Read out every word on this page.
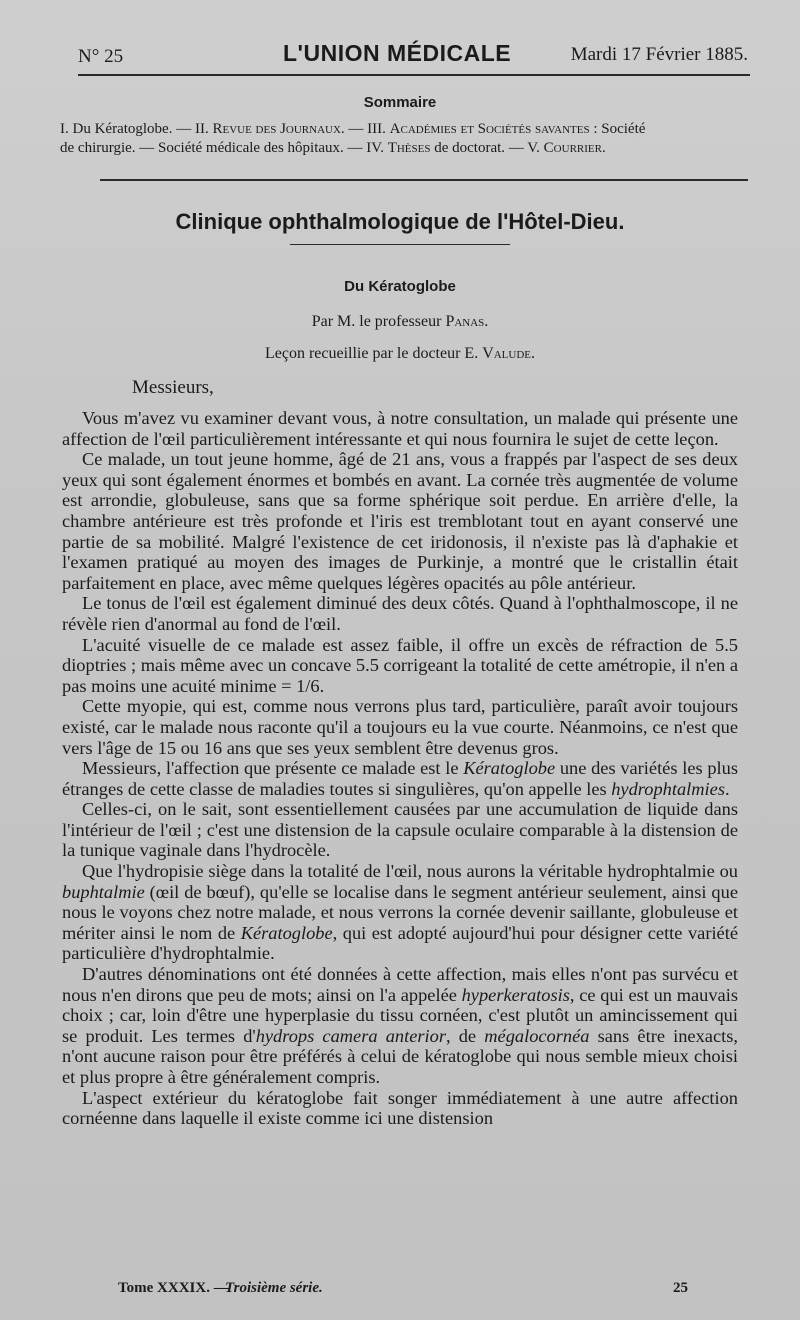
N° 25	L'UNION MÉDICALE	Mardi 17 Février 1885.
Sommaire
I. Du Kératoglobe. — II. Revue des Journaux. — III. Académies et Sociétés savantes : Société
de chirurgie. — Société médicale des hôpitaux. — IV. Thèses de doctorat. — V. Courrier.
Clinique ophthalmologique de l'Hôtel-Dieu.
Du Kératoglobe
Par M. le professeur Panas.
Leçon recueillie par le docteur E. Valude.
Messieurs,

Vous m'avez vu examiner devant vous, à notre consultation, un malade qui présente une affection de l'œil particulièrement intéressante et qui nous fournira le sujet de cette leçon.

Ce malade, un tout jeune homme, âgé de 21 ans, vous a frappés par l'aspect de ses deux yeux qui sont également énormes et bombés en avant. La cornée très augmentée de volume est arrondie, globuleuse, sans que sa forme sphérique soit perdue. En arrière d'elle, la chambre antérieure est très profonde et l'iris est tremblotant tout en ayant conservé une partie de sa mobilité. Malgré l'existence de cet iridonosis, il n'existe pas là d'aphakie et l'examen pratiqué au moyen des images de Purkinje, a montré que le cristallin était parfaitement en place, avec même quelques légères opacités au pôle antérieur.

Le tonus de l'œil est également diminué des deux côtés. Quand à l'ophthalmoscope, il ne révèle rien d'anormal au fond de l'œil.

L'acuité visuelle de ce malade est assez faible, il offre un excès de réfraction de 5.5 dioptries ; mais même avec un concave 5.5 corrigeant la totalité de cette amétropie, il n'en a pas moins une acuité minime = 1/6.

Cette myopie, qui est, comme nous verrons plus tard, particulière, paraît avoir toujours existé, car le malade nous raconte qu'il a toujours eu la vue courte. Néanmoins, ce n'est que vers l'âge de 15 ou 16 ans que ses yeux semblent être devenus gros.

Messieurs, l'affection que présente ce malade est le Kératoglobe une des variétés les plus étranges de cette classe de maladies toutes si singulières, qu'on appelle les hydrophtalmies.

Celles-ci, on le sait, sont essentiellement causées par une accumulation de liquide dans l'intérieur de l'œil ; c'est une distension de la capsule oculaire comparable à la distension de la tunique vaginale dans l'hydrocèle.

Que l'hydropisie siège dans la totalité de l'œil, nous aurons la véritable hydrophtalmie ou buphtalmie (œil de bœuf), qu'elle se localise dans le segment antérieur seulement, ainsi que nous le voyons chez notre malade, et nous verrons la cornée devenir saillante, globuleuse et mériter ainsi le nom de Kératoglobe, qui est adopté aujourd'hui pour désigner cette variété particulière d'hydrophtalmie.

D'autres dénominations ont été données à cette affection, mais elles n'ont pas survécu et nous n'en dirons que peu de mots; ainsi on l'a appelée hyperkeratosis, ce qui est un mauvais choix ; car, loin d'être une hyperplasie du tissu cornéen, c'est plutôt un amincissement qui se produit. Les termes d'hydrops camera anterior, de mégalocornéa sans être inexacts, n'ont aucune raison pour être préférés à celui de kératoglobe qui nous semble mieux choisi et plus propre à être généralement compris.

L'aspect extérieur du kératoglobe fait songer immédiatement à une autre affection cornéenne dans laquelle il existe comme ici une distension

Tome XXXIX. —
Troisième série.	25
